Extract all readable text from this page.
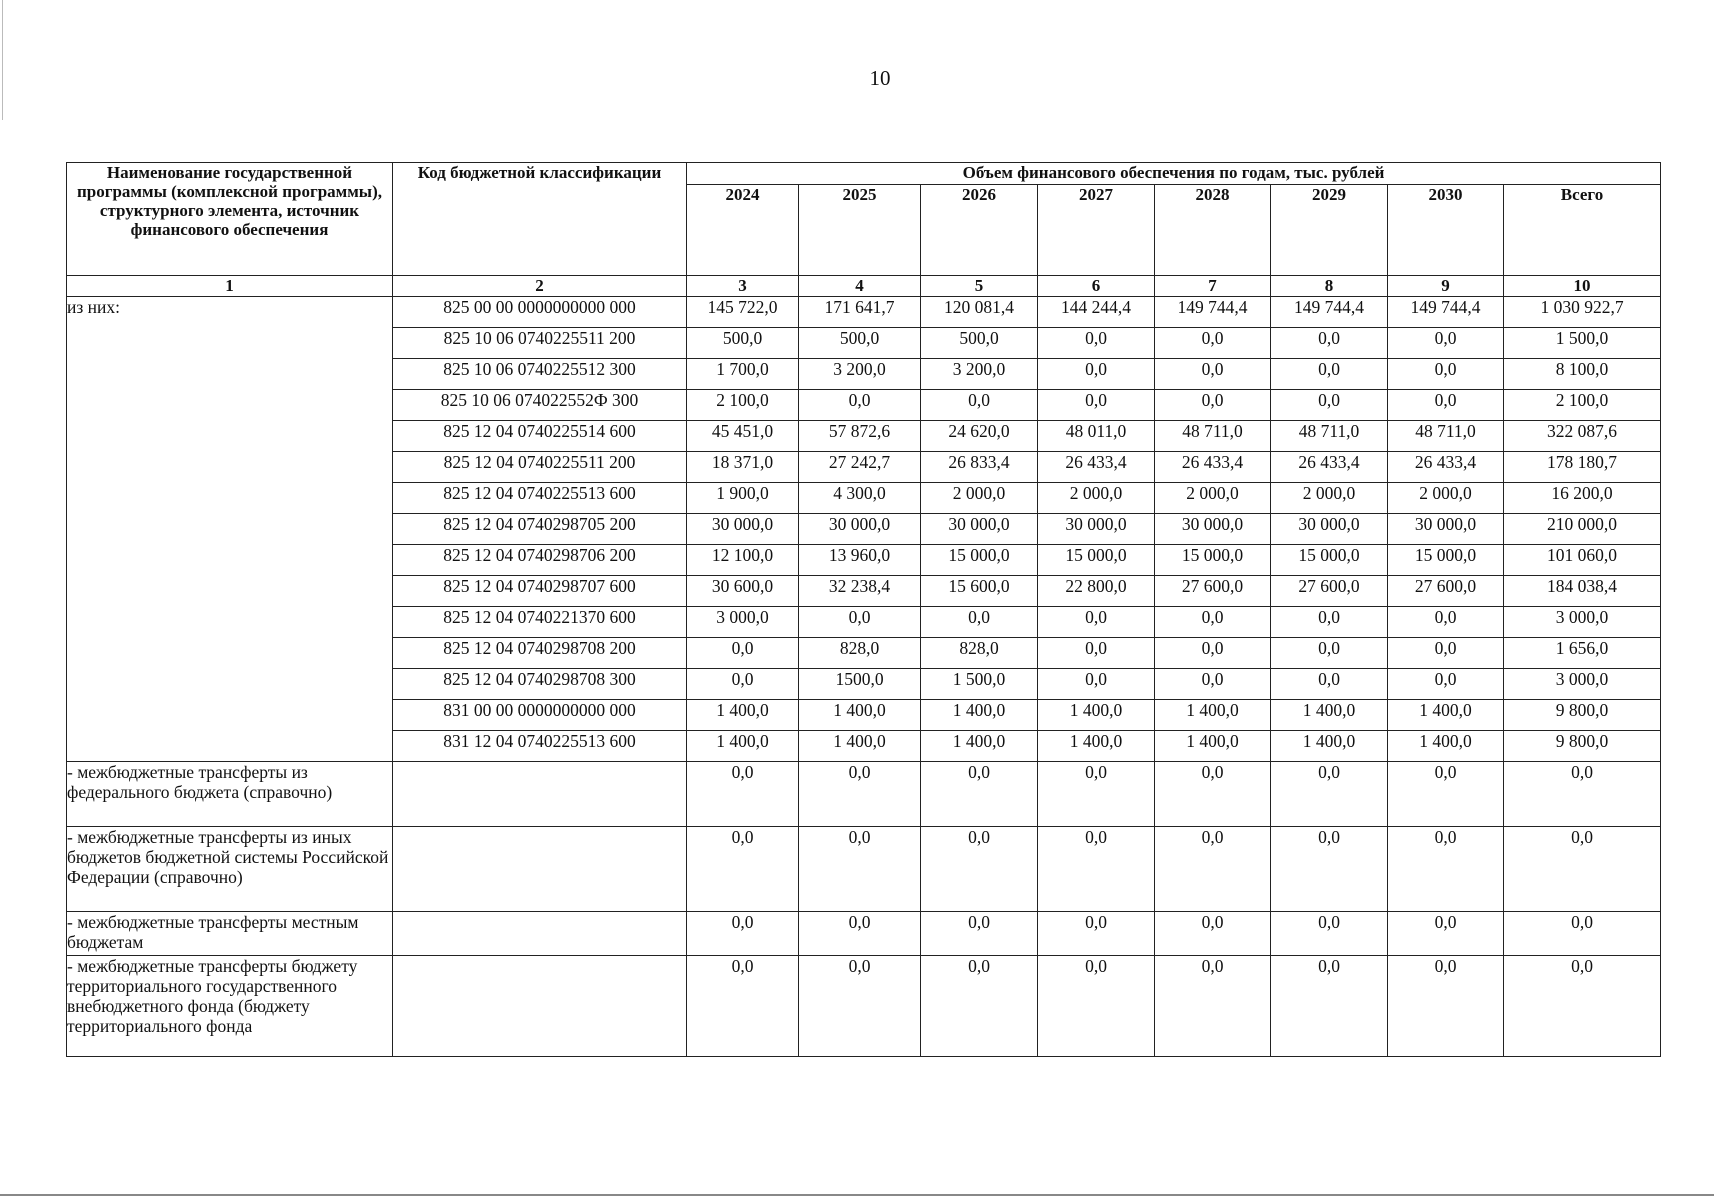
10
Наименование государственной программы (комплексной программы), структурного элемента, источник финансового обеспечения	Код бюджетной классификации	Объем финансового обеспечения по годам, тыс. рублей							
		2024	2025	2026	2027	2028	2029	2030	Всего
1	2	3	4	5	6	7	8	9	10
из них:	825 00 00 0000000000 000	145 722,0	171 641,7	120 081,4	144 244,4	149 744,4	149 744,4	149 744,4	1 030 922,7
	825 10 06 0740225511 200	500,0	500,0	500,0	0,0	0,0	0,0	0,0	1 500,0
	825 10 06 0740225512 300	1 700,0	3 200,0	3 200,0	0,0	0,0	0,0	0,0	8 100,0
	825 10 06 074022552Ф 300	2 100,0	0,0	0,0	0,0	0,0	0,0	0,0	2 100,0
	825 12 04 0740225514 600	45 451,0	57 872,6	24 620,0	48 011,0	48 711,0	48 711,0	48 711,0	322 087,6
	825 12 04 0740225511 200	18 371,0	27 242,7	26 833,4	26 433,4	26 433,4	26 433,4	26 433,4	178 180,7
	825 12 04 0740225513 600	1 900,0	4 300,0	2 000,0	2 000,0	2 000,0	2 000,0	2 000,0	16 200,0
	825 12 04 0740298705 200	30 000,0	30 000,0	30 000,0	30 000,0	30 000,0	30 000,0	30 000,0	210 000,0
	825 12 04 0740298706 200	12 100,0	13 960,0	15 000,0	15 000,0	15 000,0	15 000,0	15 000,0	101 060,0
	825 12 04 0740298707 600	30 600,0	32 238,4	15 600,0	22 800,0	27 600,0	27 600,0	27 600,0	184 038,4
	825 12 04 0740221370 600	3 000,0	0,0	0,0	0,0	0,0	0,0	0,0	3 000,0
	825 12 04 0740298708 200	0,0	828,0	828,0	0,0	0,0	0,0	0,0	1 656,0
	825 12 04 0740298708 300	0,0	1500,0	1 500,0	0,0	0,0	0,0	0,0	3 000,0
	831 00 00 0000000000 000	1 400,0	1 400,0	1 400,0	1 400,0	1 400,0	1 400,0	1 400,0	9 800,0
	831 12 04 0740225513 600	1 400,0	1 400,0	1 400,0	1 400,0	1 400,0	1 400,0	1 400,0	9 800,0
- межбюджетные трансферты из федерального бюджета (справочно)		0,0	0,0	0,0	0,0	0,0	0,0	0,0	0,0
- межбюджетные трансферты из иных бюджетов бюджетной системы Российской Федерации (справочно)		0,0	0,0	0,0	0,0	0,0	0,0	0,0	0,0
- межбюджетные трансферты местным бюджетам		0,0	0,0	0,0	0,0	0,0	0,0	0,0	0,0
- межбюджетные трансферты бюджету территориального государственного внебюджетного фонда (бюджету территориального фонда		0,0	0,0	0,0	0,0	0,0	0,0	0,0	0,0
